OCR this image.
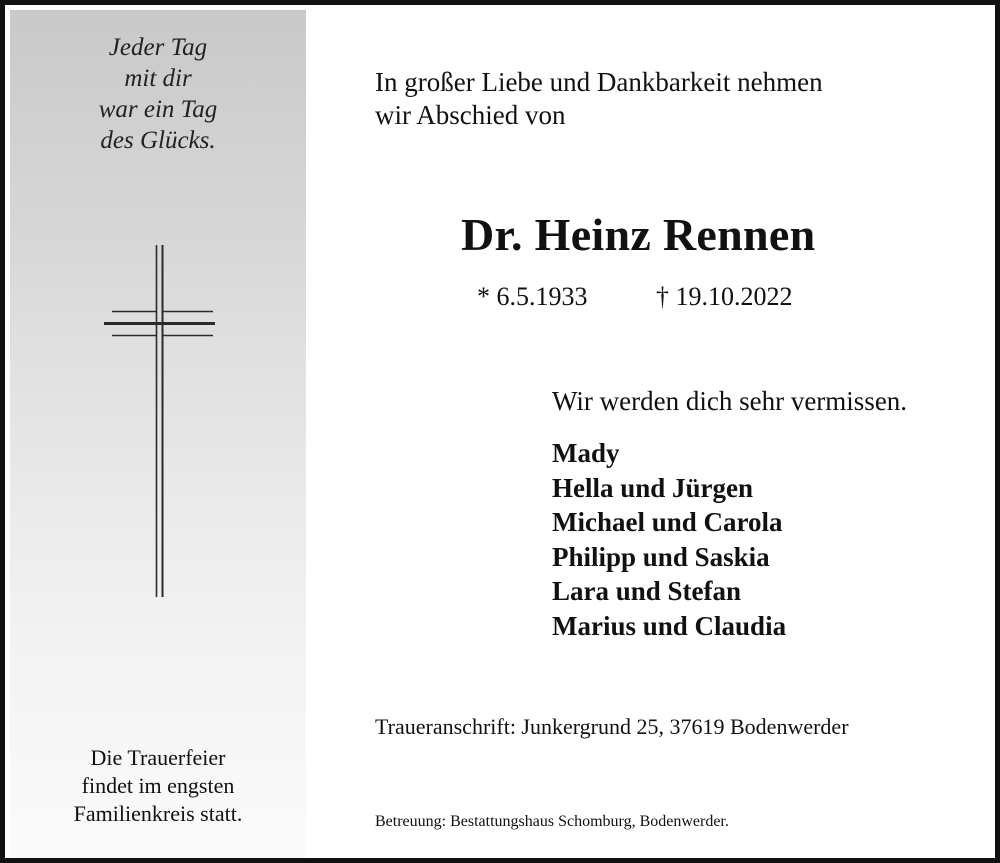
Jeder Tag
mit dir
war ein Tag
des Glücks.
Die Trauerfeier
findet im engsten
Familienkreis statt.
In großer Liebe und Dankbarkeit nehmen
wir Abschied von
Dr. Heinz Rennen
* 6.5.1933	† 19.10.2022
Wir werden dich sehr vermissen.
Mady
Hella und Jürgen
Michael und Carola
Philipp und Saskia
Lara und Stefan
Marius und Claudia
Traueranschrift: Junkergrund 25, 37619 Bodenwerder
Betreuung: Bestattungshaus Schomburg, Bodenwerder.
